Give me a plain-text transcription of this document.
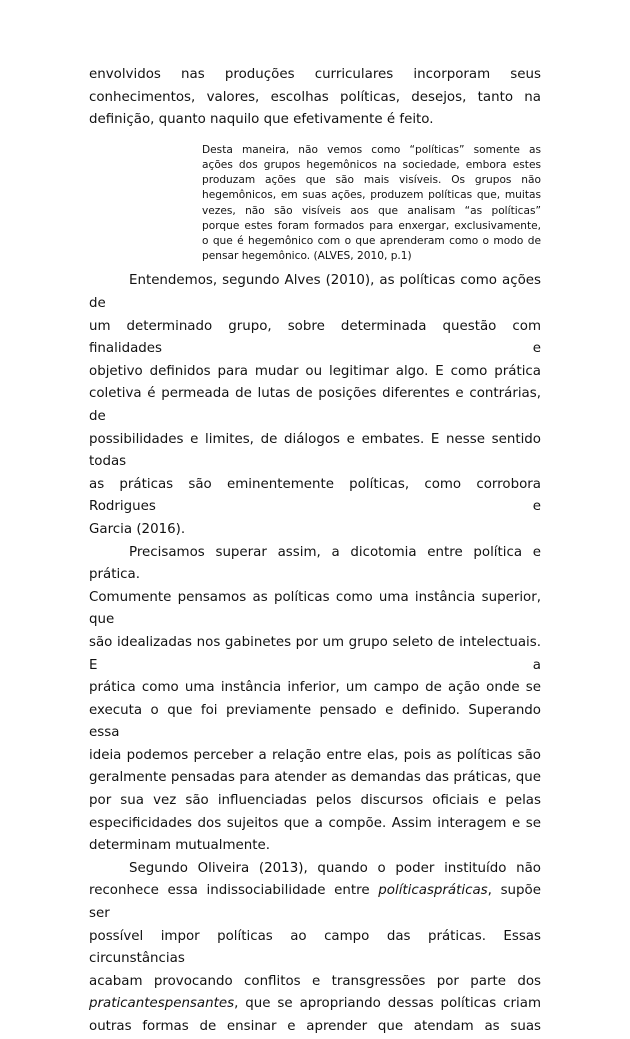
envolvidos nas produções curriculares incorporam seus
conhecimentos, valores, escolhas políticas, desejos, tanto na
definição, quanto naquilo que efetivamente é feito.

Desta maneira, não vemos como “políticas” somente as
ações dos grupos hegemônicos na sociedade, embora estes
produzam ações que são mais visíveis. Os grupos não
hegemônicos, em suas ações, produzem políticas que, muitas
vezes, não são visíveis aos que analisam “as políticas”
porque estes foram formados para enxergar, exclusivamente,
o que é hegemônico com o que aprenderam como o modo de
pensar hegemônico. (ALVES, 2010, p.1)

Entendemos, segundo Alves (2010), as políticas como ações de
um determinado grupo, sobre determinada questão com finalidades e
objetivo definidos para mudar ou legitimar algo. E como prática
coletiva é permeada de lutas de posições diferentes e contrárias, de
possibilidades e limites, de diálogos e embates. E nesse sentido todas
as práticas são eminentemente políticas, como corrobora Rodrigues e
Garcia (2016).

Precisamos superar assim, a dicotomia entre política e prática.
Comumente pensamos as políticas como uma instância superior, que
são idealizadas nos gabinetes por um grupo seleto de intelectuais. E a
prática como uma instância inferior, um campo de ação onde se
executa o que foi previamente pensado e definido. Superando essa
ideia podemos perceber a relação entre elas, pois as políticas são
geralmente pensadas para atender as demandas das práticas, que
por sua vez são influenciadas pelos discursos oficiais e pelas
especificidades dos sujeitos que a compõe. Assim interagem e se
determinam mutualmente.

Segundo Oliveira (2013), quando o poder instituído não
reconhece essa indissociabilidade entre políticaspráticas, supõe ser
possível impor políticas ao campo das práticas. Essas circunstâncias
acabam provocando conflitos e transgressões por parte dos
praticantespensantes, que se apropriando dessas políticas criam
outras formas de ensinar e aprender que atendam as suas
